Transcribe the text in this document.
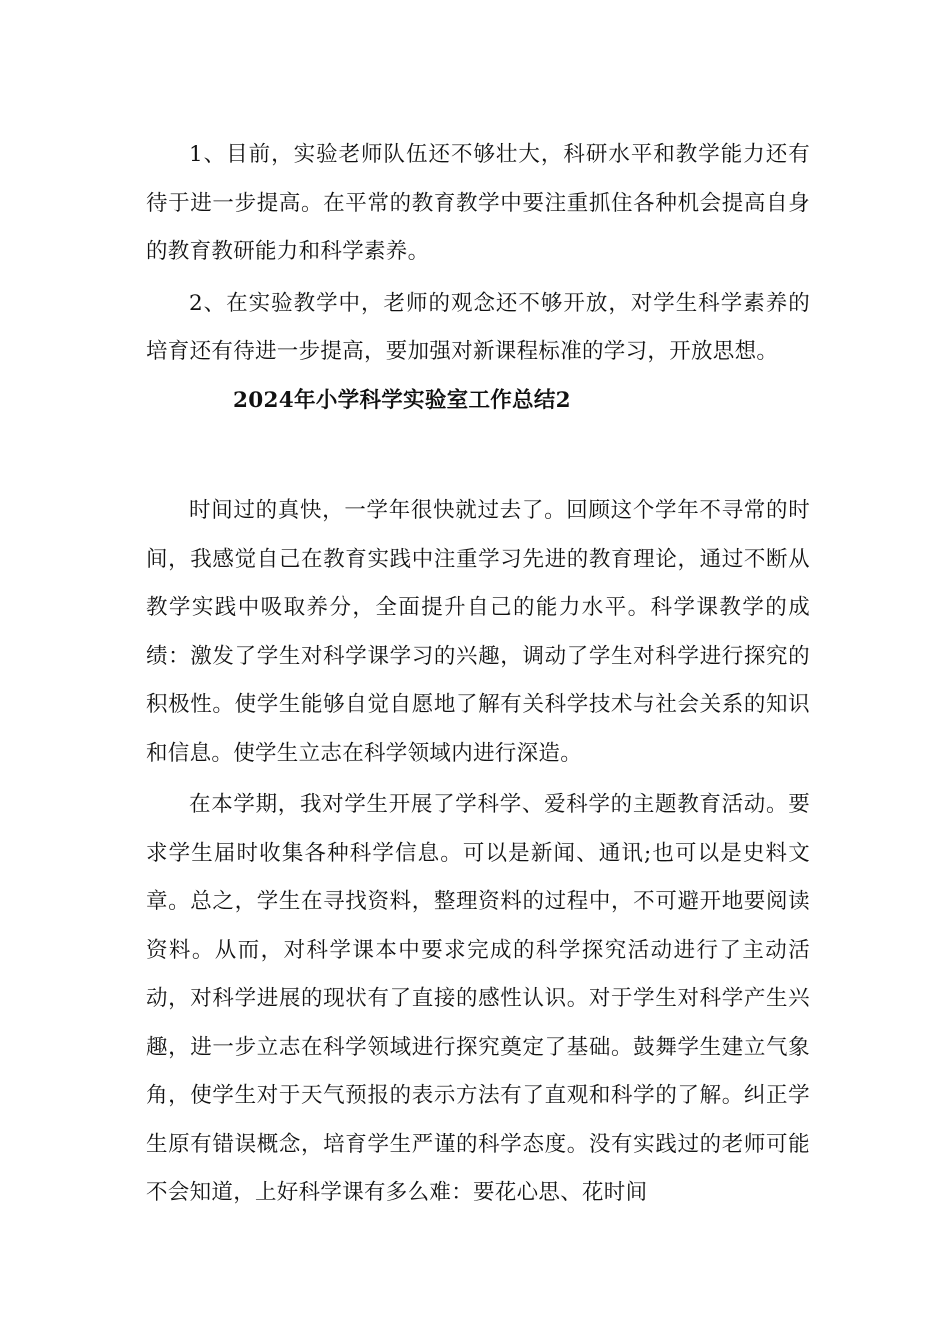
1、目前，实验老师队伍还不够壮大，科研水平和教学能力还有待于进一步提高。在平常的教育教学中要注重抓住各种机会提高自身的教育教研能力和科学素养。

2、在实验教学中，老师的观念还不够开放，对学生科学素养的培育还有待进一步提高，要加强对新课程标准的学习，开放思想。

2024年小学科学实验室工作总结2

时间过的真快，一学年很快就过去了。回顾这个学年不寻常的时间，我感觉自己在教育实践中注重学习先进的教育理论，通过不断从教学实践中吸取养分，全面提升自己的能力水平。科学课教学的成绩：激发了学生对科学课学习的兴趣，调动了学生对科学进行探究的积极性。使学生能够自觉自愿地了解有关科学技术与社会关系的知识和信息。使学生立志在科学领域内进行深造。

在本学期，我对学生开展了学科学、爱科学的主题教育活动。要求学生届时收集各种科学信息。可以是新闻、通讯;也可以是史料文章。总之，学生在寻找资料，整理资料的过程中，不可避开地要阅读资料。从而，对科学课本中要求完成的科学探究活动进行了主动活动，对科学进展的现状有了直接的感性认识。对于学生对科学产生兴趣，进一步立志在科学领域进行探究奠定了基础。鼓舞学生建立气象角，使学生对于天气预报的表示方法有了直观和科学的了解。纠正学生原有错误概念，培育学生严谨的科学态度。没有实践过的老师可能不会知道，上好科学课有多么难：要花心思、花时间
